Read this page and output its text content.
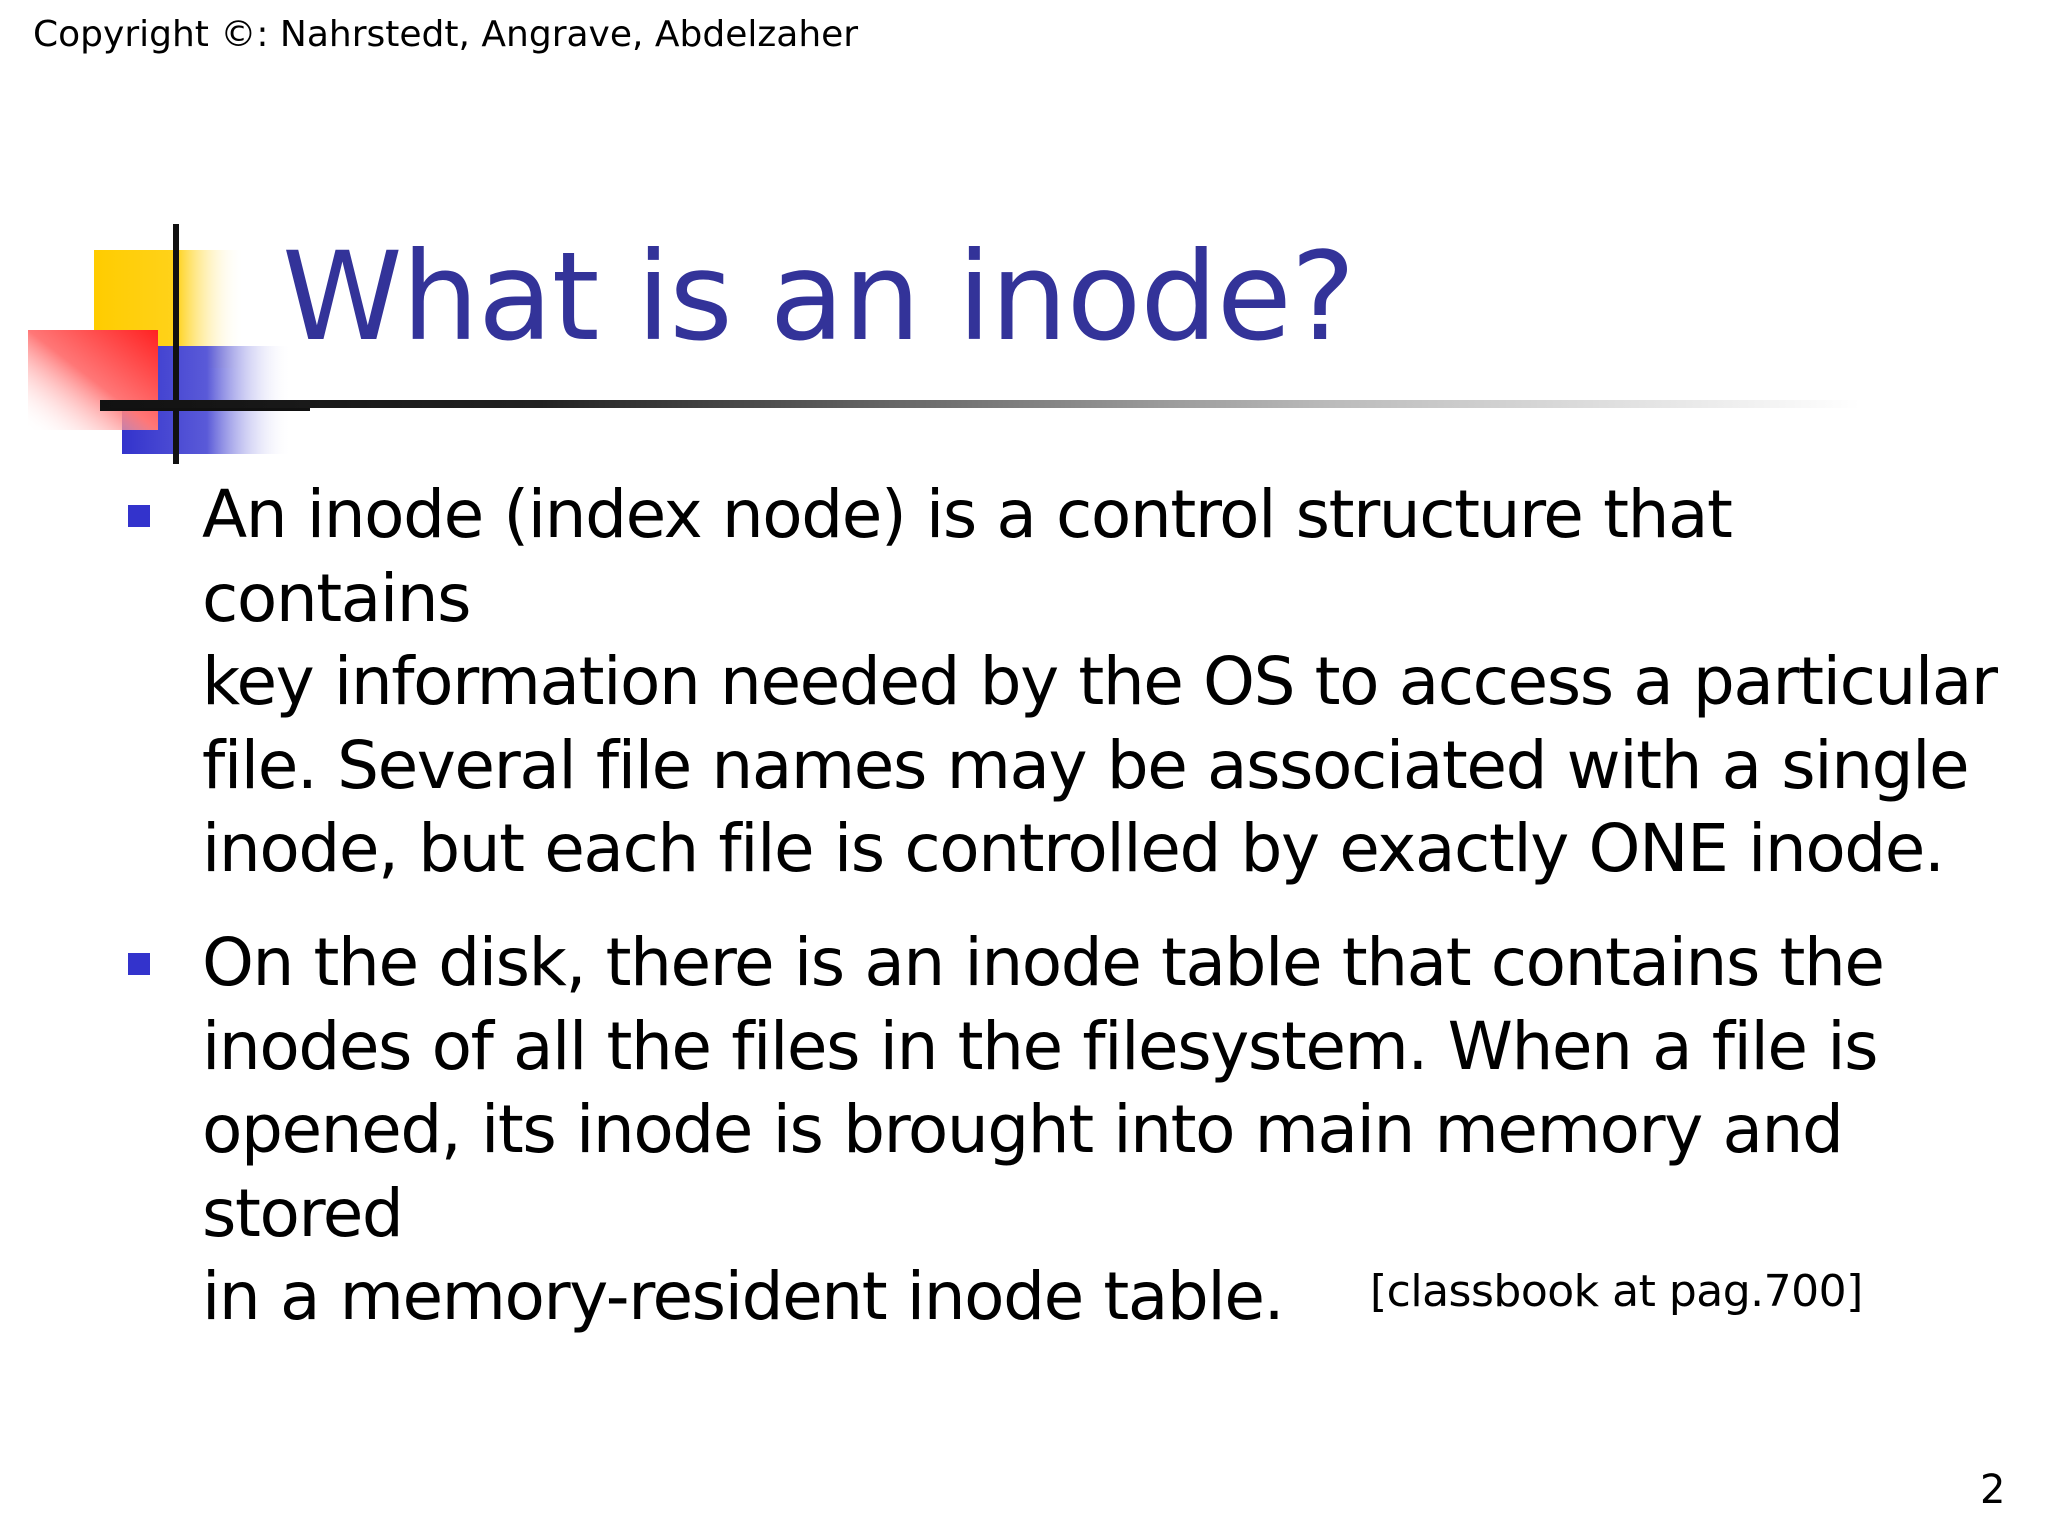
Copyright ©: Nahrstedt, Angrave, Abdelzaher
What is an inode?
An inode (index node) is a control structure that contains
key information needed by the OS to access a particular
file. Several file names may be associated with a single
inode, but each file is controlled by exactly ONE inode.
On the disk, there is an inode table that contains the
inodes of all the files in the filesystem. When a file is
opened, its inode is brought into main memory and stored
in a memory-resident inode table.	[classbook at pag.700]
2
